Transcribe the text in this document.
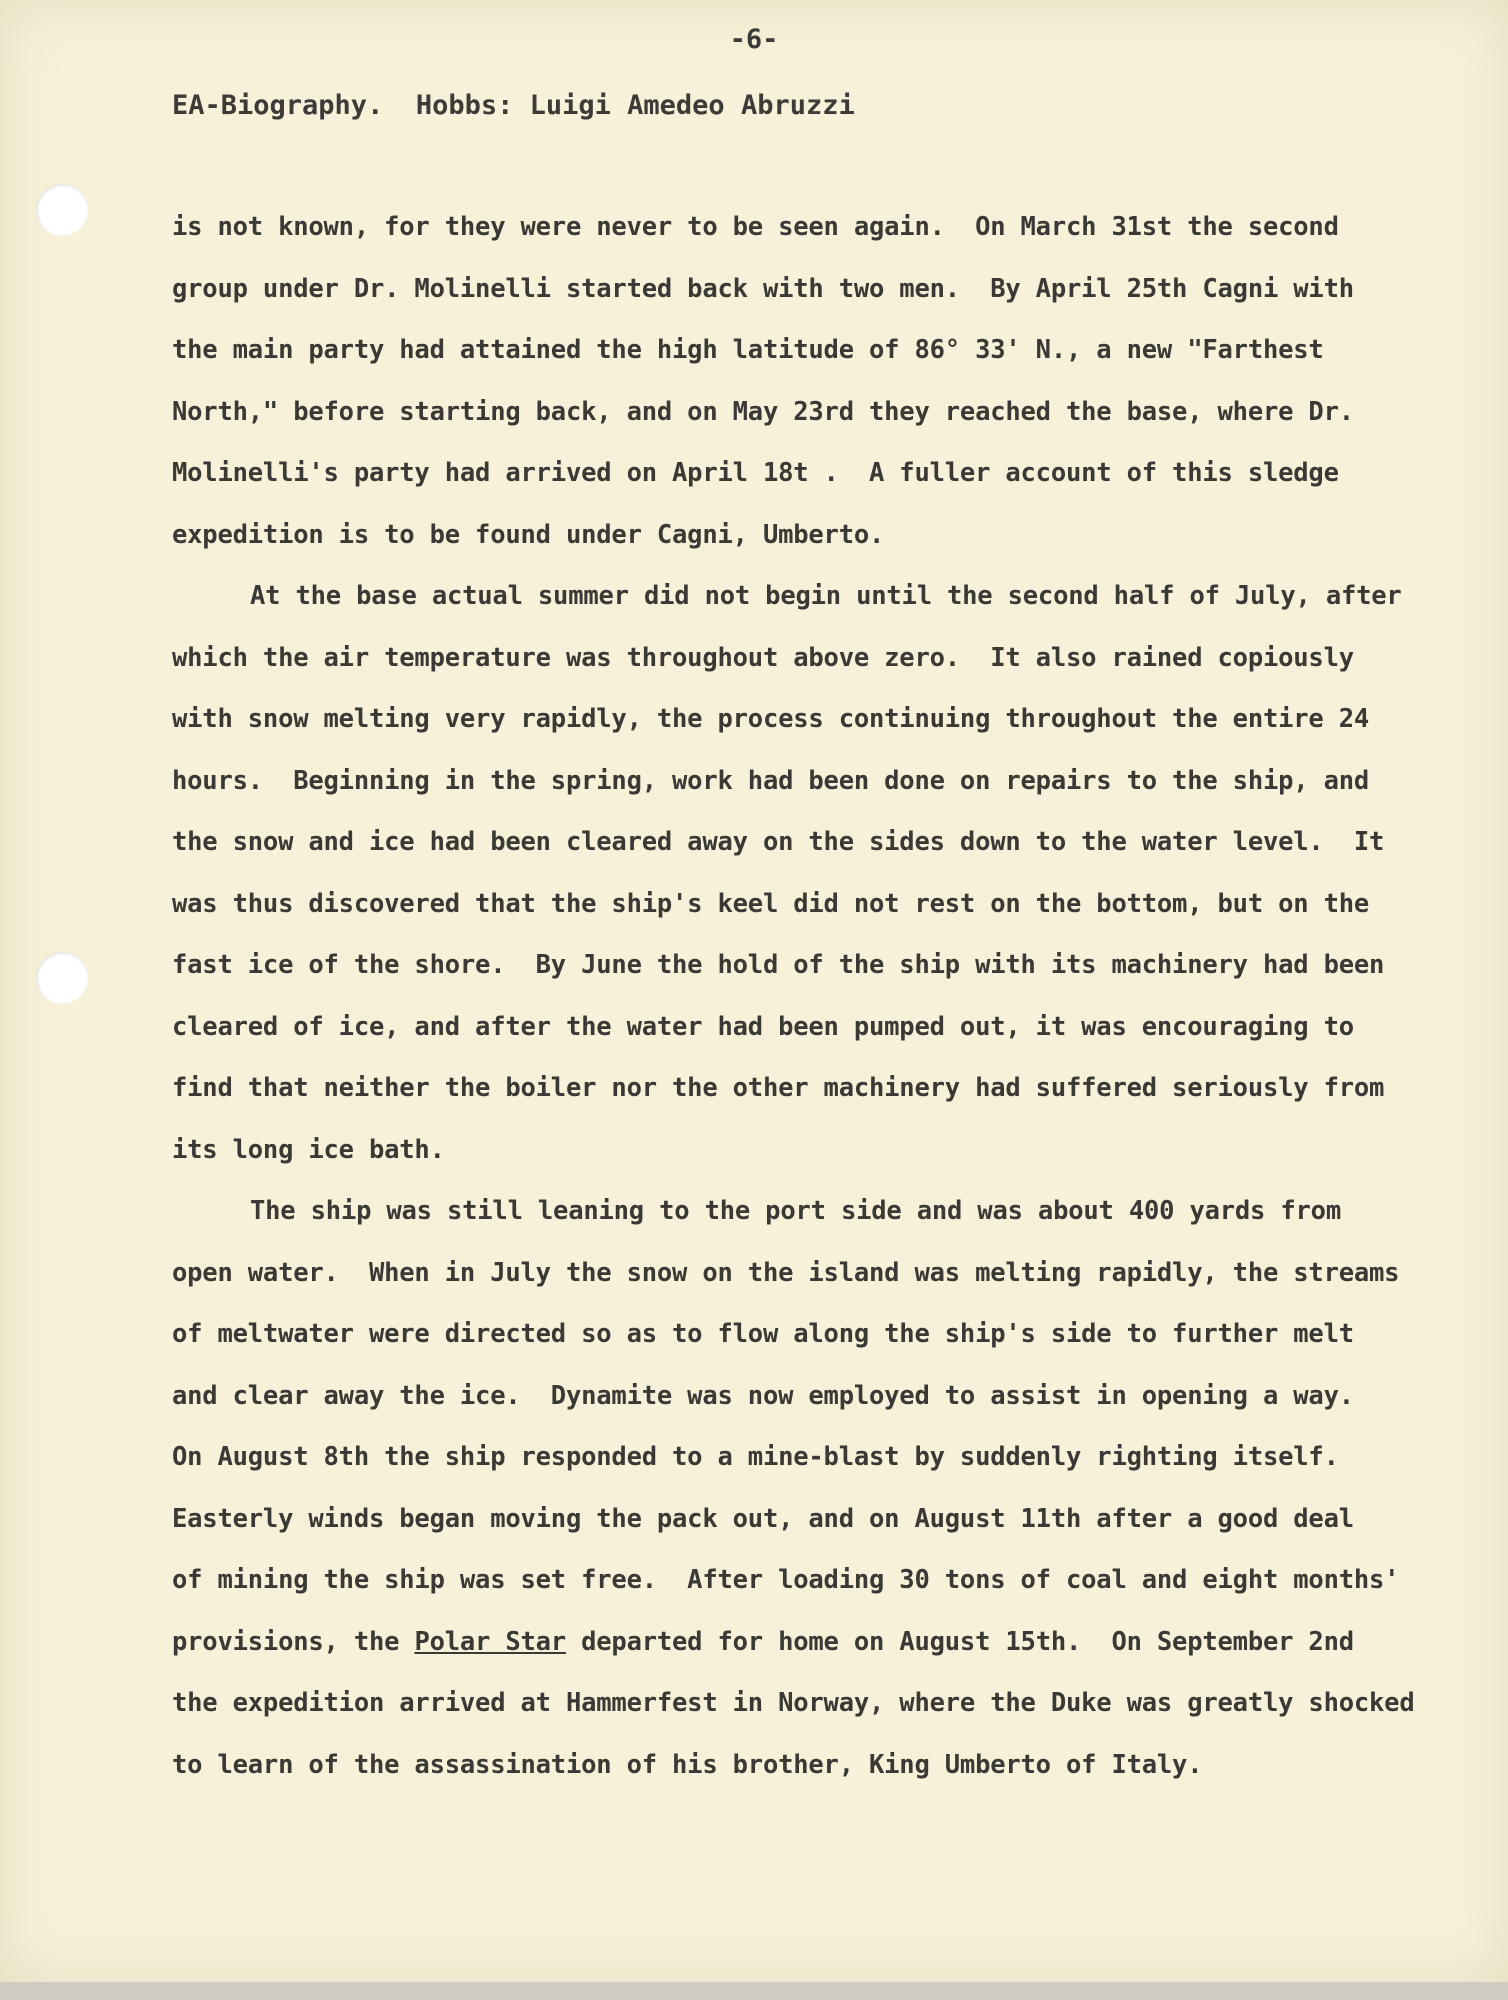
-6-
EA-Biography.  Hobbs: Luigi Amedeo Abruzzi
is not known, for they were never to be seen again.  On March 31st the second
group under Dr. Molinelli started back with two men.  By April 25th Cagni with
the main party had attained the high latitude of 86° 33' N., a new "Farthest
North," before starting back, and on May 23rd they reached the base, where Dr.
Molinelli's party had arrived on April 18t .  A fuller account of this sledge
expedition is to be found under Cagni, Umberto.
At the base actual summer did not begin until the second half of July, after
which the air temperature was throughout above zero.  It also rained copiously
with snow melting very rapidly, the process continuing throughout the entire 24
hours.  Beginning in the spring, work had been done on repairs to the ship, and
the snow and ice had been cleared away on the sides down to the water level.  It
was thus discovered that the ship's keel did not rest on the bottom, but on the
fast ice of the shore.  By June the hold of the ship with its machinery had been
cleared of ice, and after the water had been pumped out, it was encouraging to
find that neither the boiler nor the other machinery had suffered seriously from
its long ice bath.
The ship was still leaning to the port side and was about 400 yards from
open water.  When in July the snow on the island was melting rapidly, the streams
of meltwater were directed so as to flow along the ship's side to further melt
and clear away the ice.  Dynamite was now employed to assist in opening a way.
On August 8th the ship responded to a mine-blast by suddenly righting itself.
Easterly winds began moving the pack out, and on August 11th after a good deal
of mining the ship was set free.  After loading 30 tons of coal and eight months'
provisions, the Polar Star departed for home on August 15th.  On September 2nd
the expedition arrived at Hammerfest in Norway, where the Duke was greatly shocked
to learn of the assassination of his brother, King Umberto of Italy.
